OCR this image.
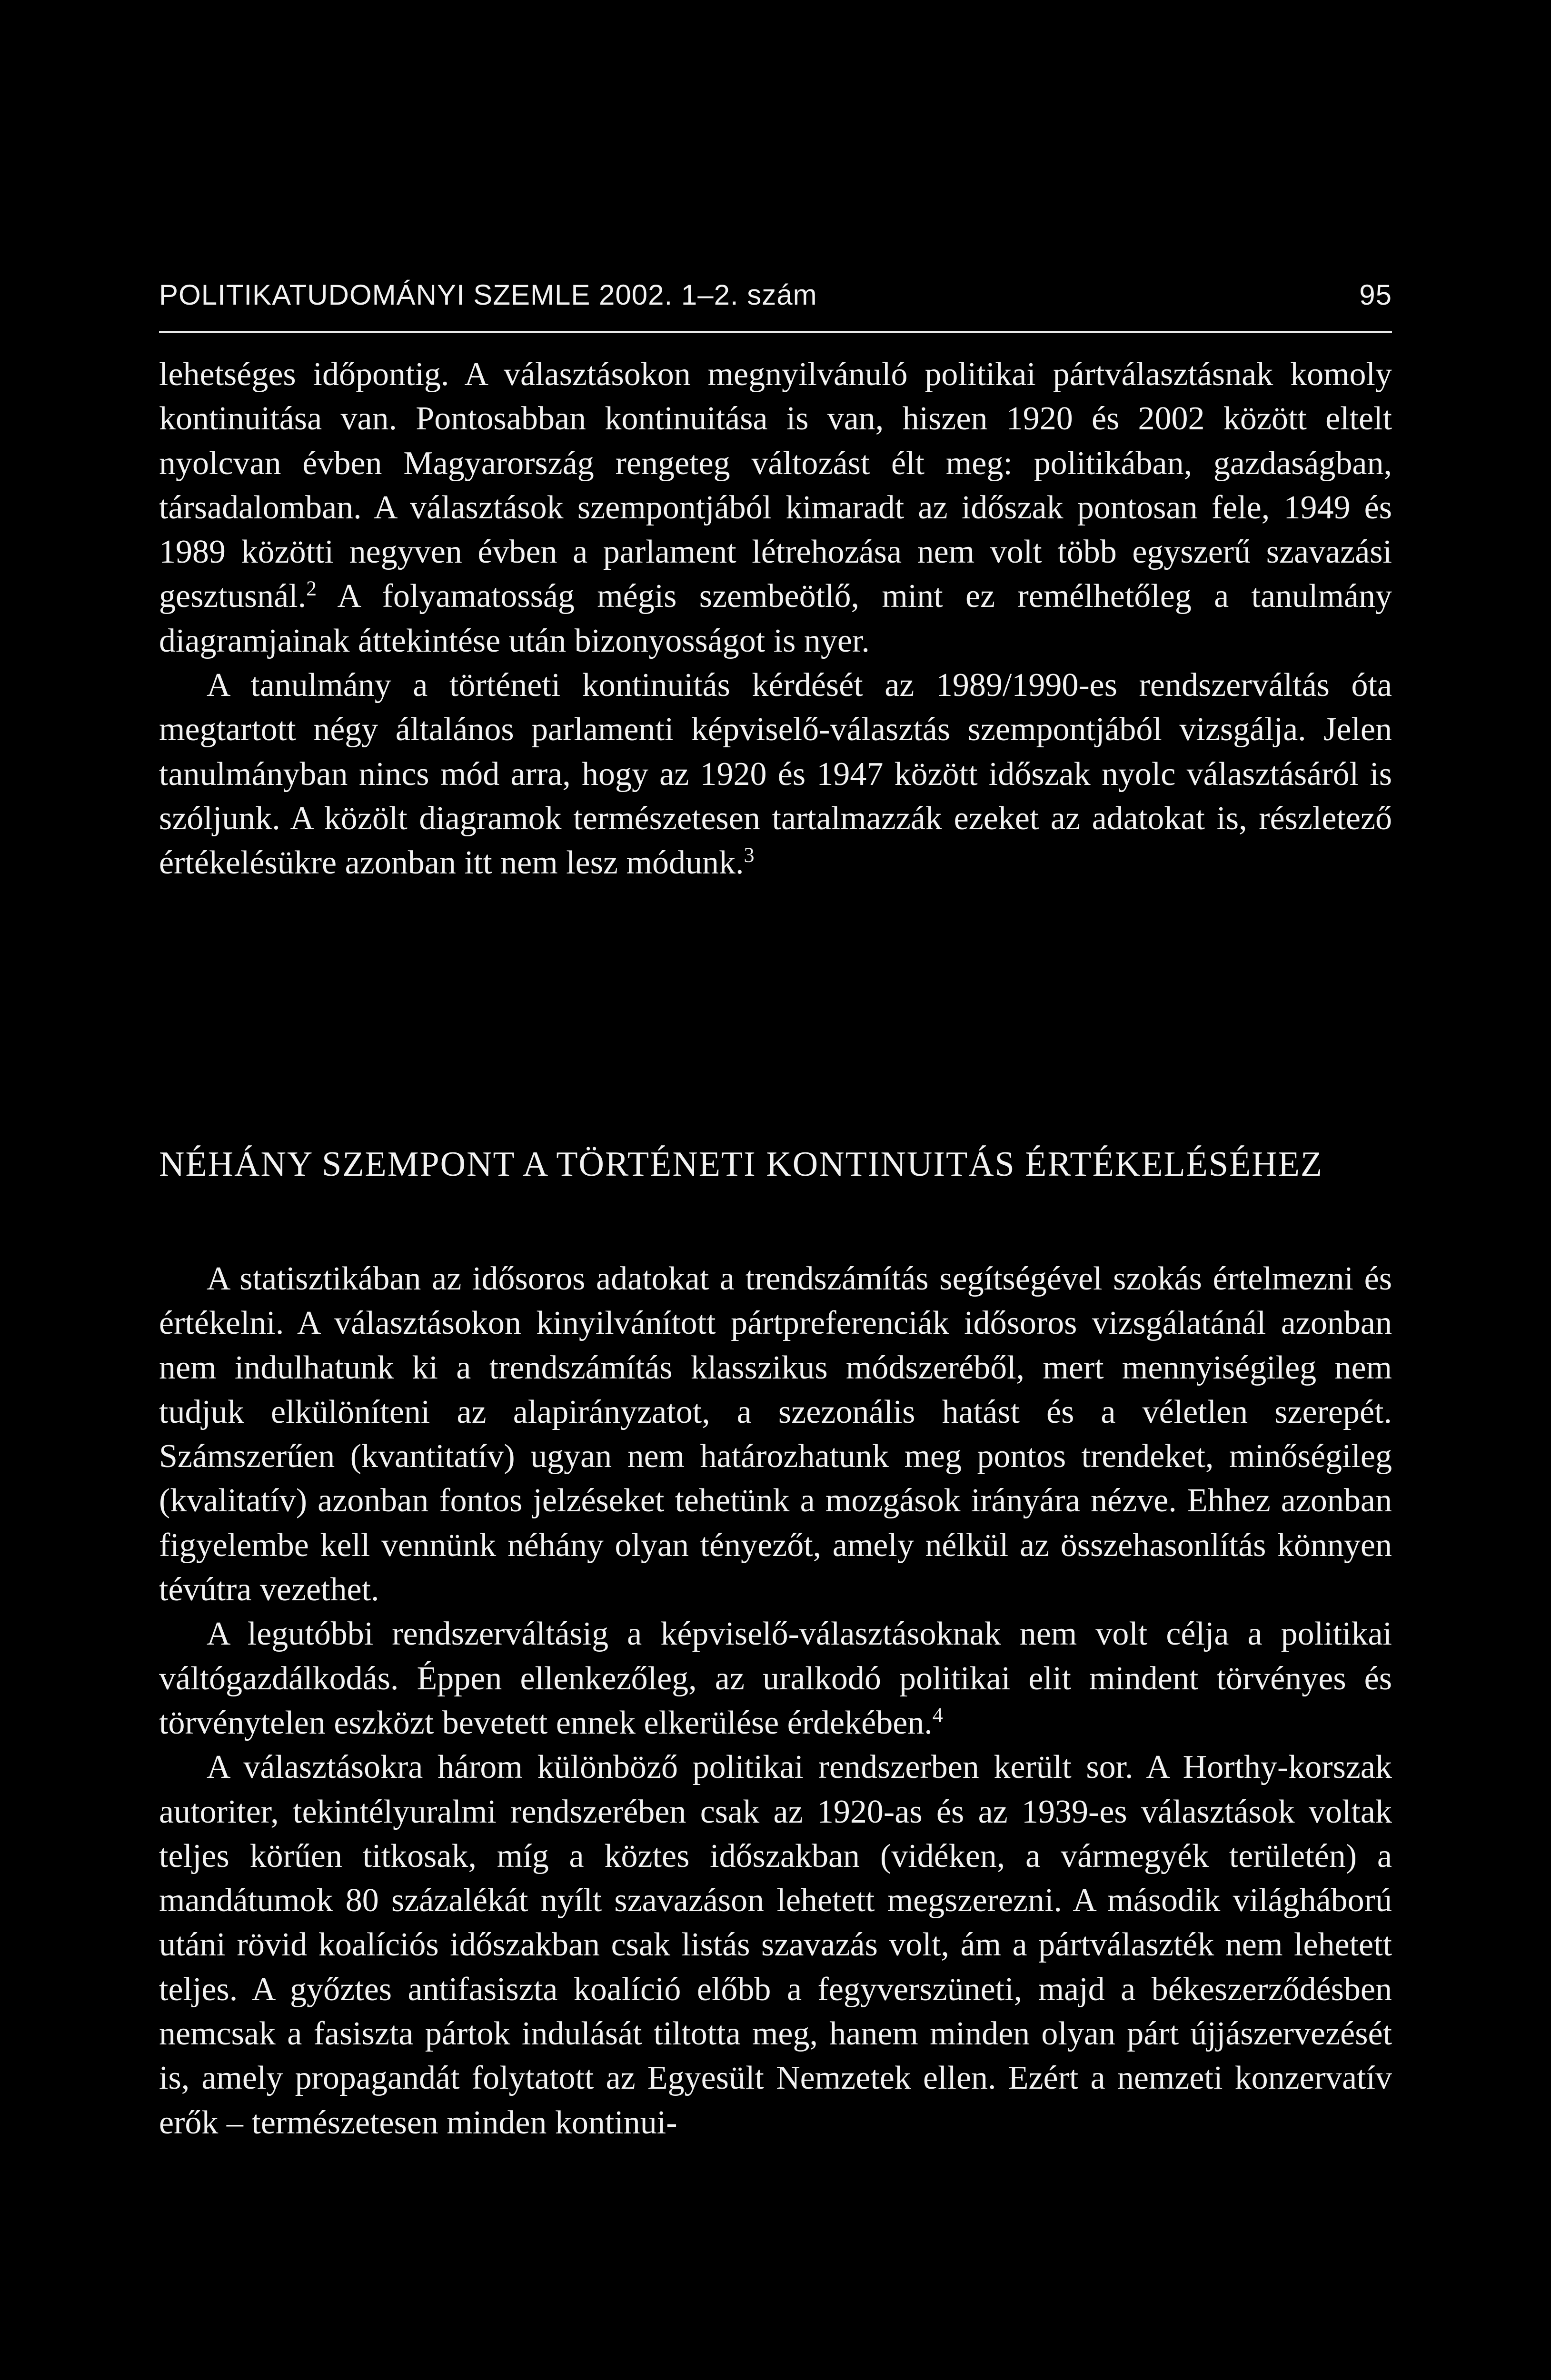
POLITIKATUDOMÁNYI SZEMLE 2002. 1–2. szám	95

lehetséges időpontig. A választásokon megnyilvánuló politikai pártválasztásnak komoly kontinuitása van. Pontosabban kontinuitása is van, hiszen 1920 és 2002 között eltelt nyolcvan évben Magyarország rengeteg változást élt meg: politikában, gazdaságban, társadalomban. A választások szempontjából kimaradt az időszak pontosan fele, 1949 és 1989 közötti negyven évben a parlament létrehozása nem volt több egyszerű szavazási gesztusnál.$^2$ A folyamatosság mégis szembeötlő, mint ez remélhetőleg a tanulmány diagramjainak áttekintése után bizonyosságot is nyer.

A tanulmány a történeti kontinuitás kérdését az 1989/1990-es rendszerváltás óta megtartott négy általános parlamenti képviselő-választás szempontjából vizsgálja. Jelen tanulmányban nincs mód arra, hogy az 1920 és 1947 között időszak nyolc választásáról is szóljunk. A közölt diagramok természetesen tartalmazzák ezeket az adatokat is, részletező értékelésükre azonban itt nem lesz módunk.$^3$

NÉHÁNY SZEMPONT A TÖRTÉNETI KONTINUITÁS ÉRTÉKELÉSÉHEZ

A statisztikában az idősoros adatokat a trendszámítás segítségével szokás értelmezni és értékelni. A választásokon kinyilvánított pártpreferenciák idősoros vizsgálatánál azonban nem indulhatunk ki a trendszámítás klasszikus módszeréből, mert mennyiségileg nem tudjuk elkülöníteni az alapirányzatot, a szezonális hatást és a véletlen szerepét. Számszerűen (kvantitatív) ugyan nem határozhatunk meg pontos trendeket, minőségileg (kvalitatív) azonban fontos jelzéseket tehetünk a mozgások irányára nézve. Ehhez azonban figyelembe kell vennünk néhány olyan tényezőt, amely nélkül az összehasonlítás könnyen tévútra vezethet.

A legutóbbi rendszerváltásig a képviselő-választásoknak nem volt célja a politikai váltógazdálkodás. Éppen ellenkezőleg, az uralkodó politikai elit mindent törvényes és törvénytelen eszközt bevetett ennek elkerülése érdekében.$^4$

A választásokra három különböző politikai rendszerben került sor. A Horthy-korszak autoriter, tekintélyuralmi rendszerében csak az 1920-as és az 1939-es választások voltak teljes körűen titkosak, míg a köztes időszakban (vidéken, a vármegyék területén) a mandátumok 80 százalékát nyílt szavazáson lehetett megszerezni. A második világháború utáni rövid koalíciós időszakban csak listás szavazás volt, ám a pártválaszték nem lehetett teljes. A győztes antifasiszta koalíció előbb a fegyverszüneti, majd a békeszerződésben nemcsak a fasiszta pártok indulását tiltotta meg, hanem minden olyan párt újjászervezését is, amely propagandát folytatott az Egyesült Nemzetek ellen. Ezért a nemzeti konzervatív erők – természetesen minden kontinui-
